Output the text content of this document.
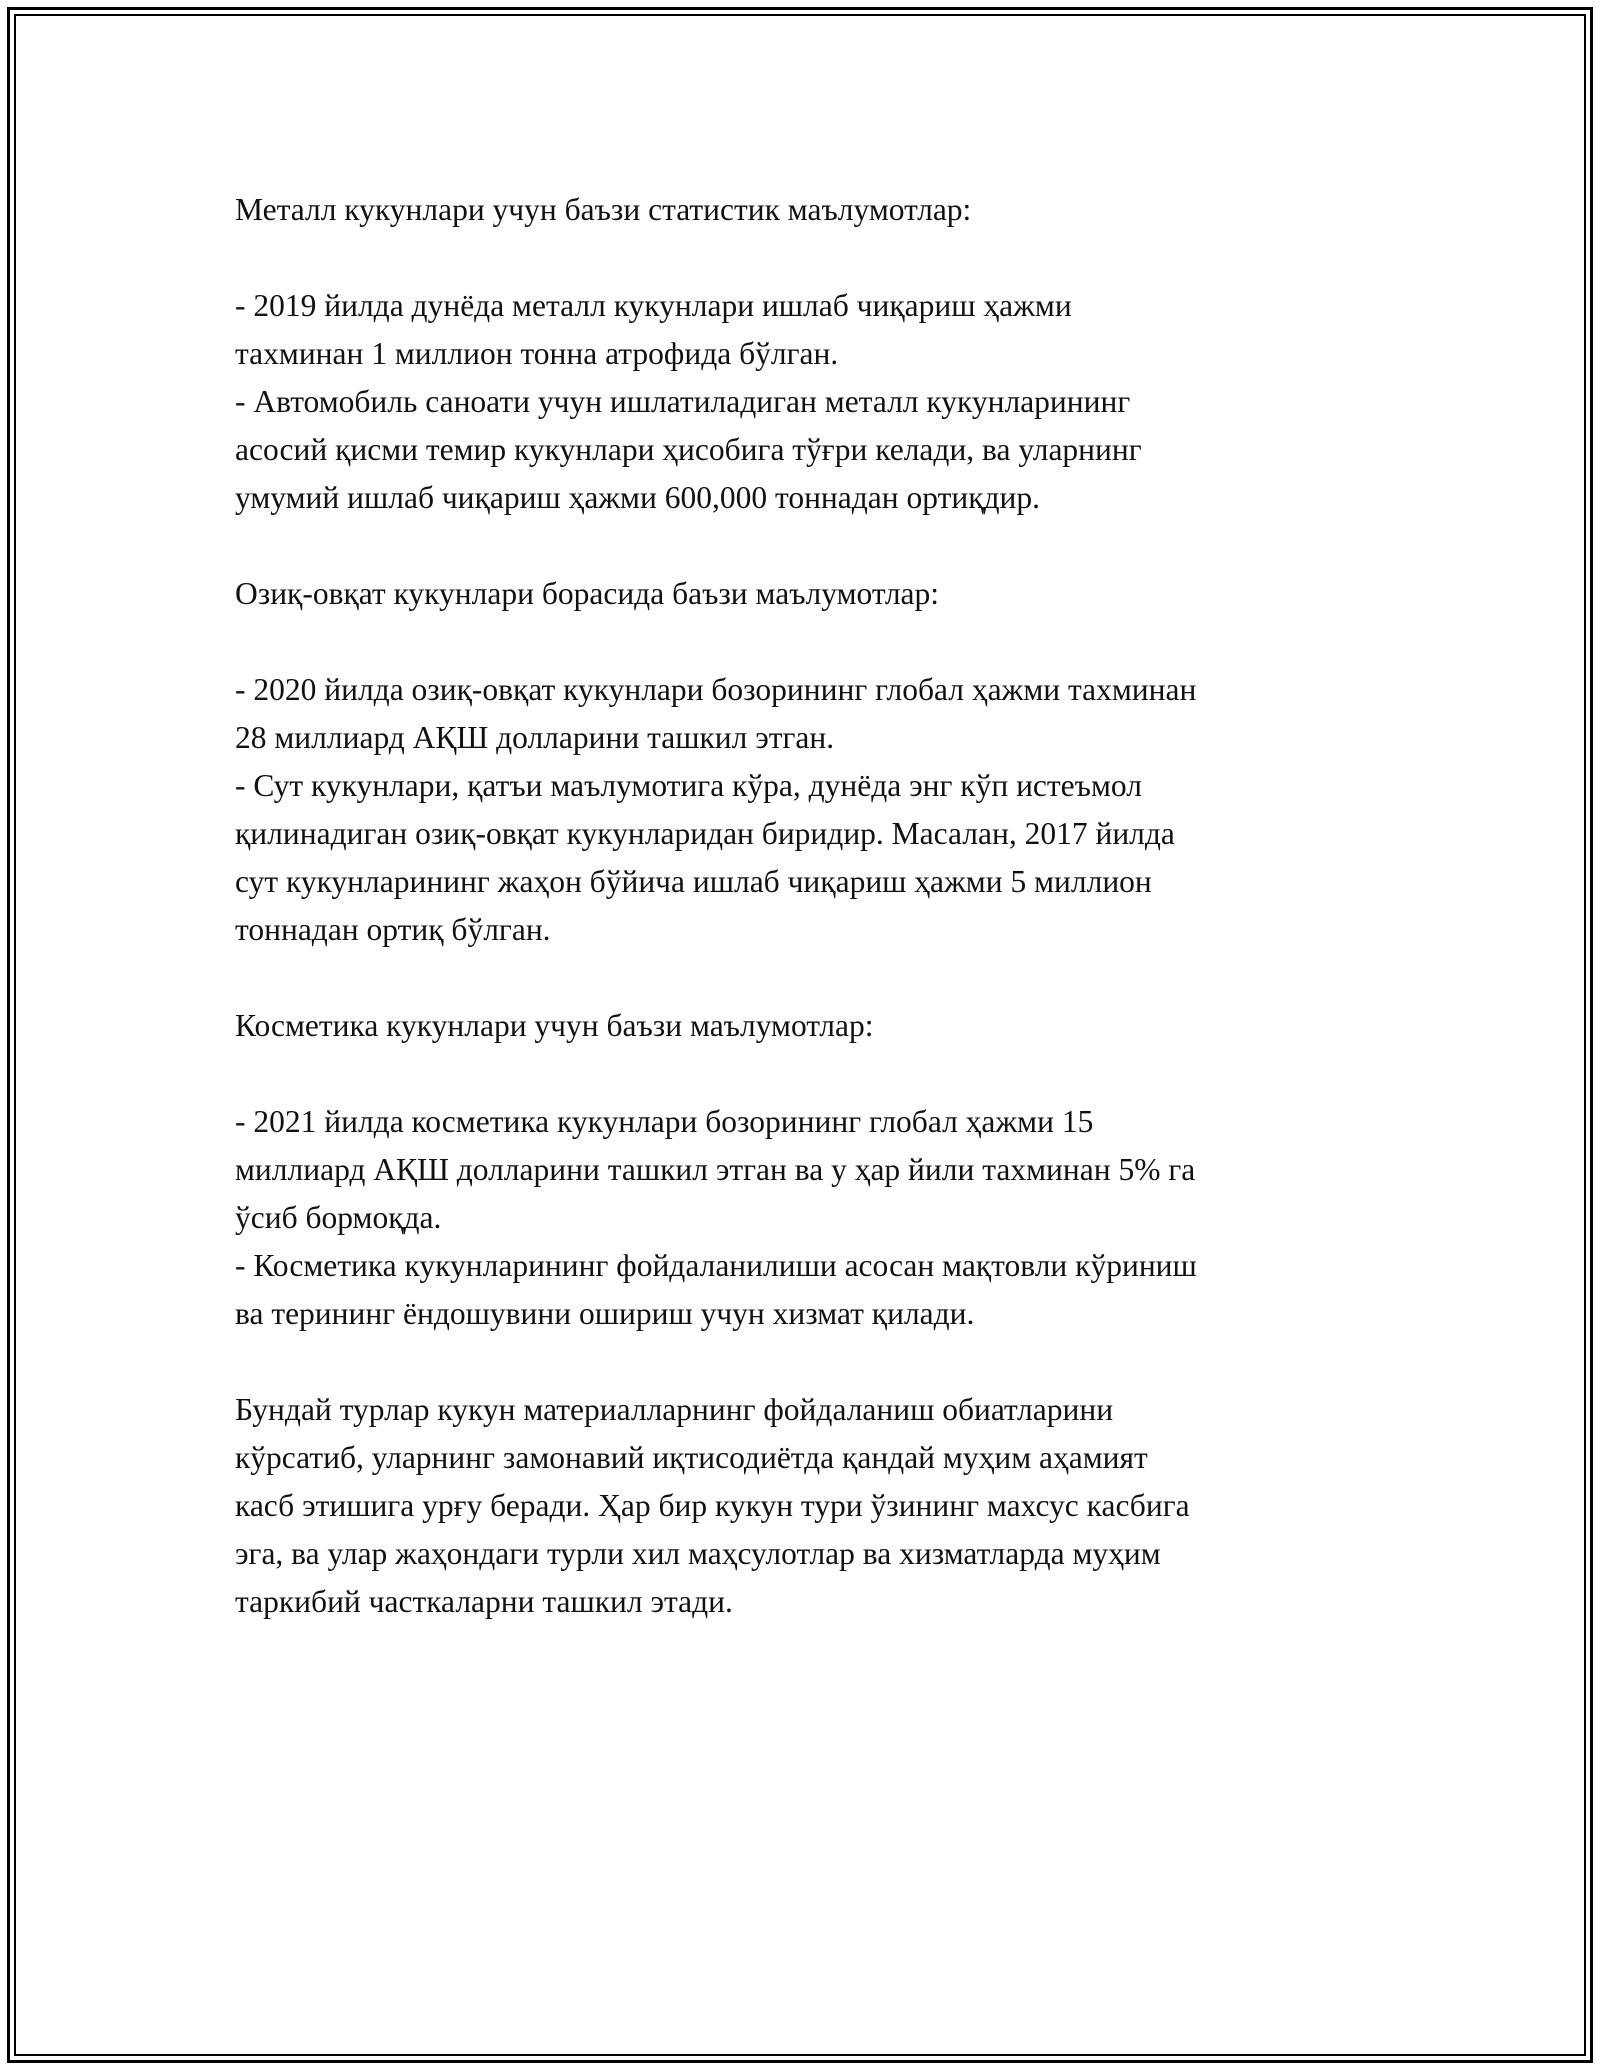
Металл кукунлари учун баъзи статистик маълумотлар:

- 2019 йилда дунёда металл кукунлари ишлаб чиқариш ҳажми
тахминан 1 миллион тонна атрофида бўлган.
- Автомобиль саноати учун ишлатиладиган металл кукунларининг
асосий қисми темир кукунлари ҳисобига тўғри келади, ва уларнинг
умумий ишлаб чиқариш ҳажми 600,000 тоннадан ортиқдир.

Озиқ-овқат кукунлари борасида баъзи маълумотлар:

- 2020 йилда озиқ-овқат кукунлари бозорининг глобал ҳажми тахминан
28 миллиард АҚШ долларини ташкил этган.
- Сут кукунлари, қатъи маълумотига кўра, дунёда энг кўп истеъмол
қилинадиган озиқ-овқат кукунларидан биридир. Масалан, 2017 йилда
сут кукунларининг жаҳон бўйича ишлаб чиқариш ҳажми 5 миллион
тоннадан ортиқ бўлган.

Косметика кукунлари учун баъзи маълумотлар:

- 2021 йилда косметика кукунлари бозорининг глобал ҳажми 15
миллиард АҚШ долларини ташкил этган ва у ҳар йили тахминан 5% га
ўсиб бормоқда.
- Косметика кукунларининг фойдаланилиши асосан мақтовли кўриниш
ва терининг ёндошувини ошириш учун хизмат қилади.

Бундай турлар кукун материалларнинг фойдаланиш обиатларини
кўрсатиб, уларнинг замонавий иқтисодиётда қандай муҳим аҳамият
касб этишига урғу беради. Ҳар бир кукун тури ўзининг махсус касбига
эга, ва улар жаҳондаги турли хил маҳсулотлар ва хизматларда муҳим
таркибий часткаларни ташкил этади.
